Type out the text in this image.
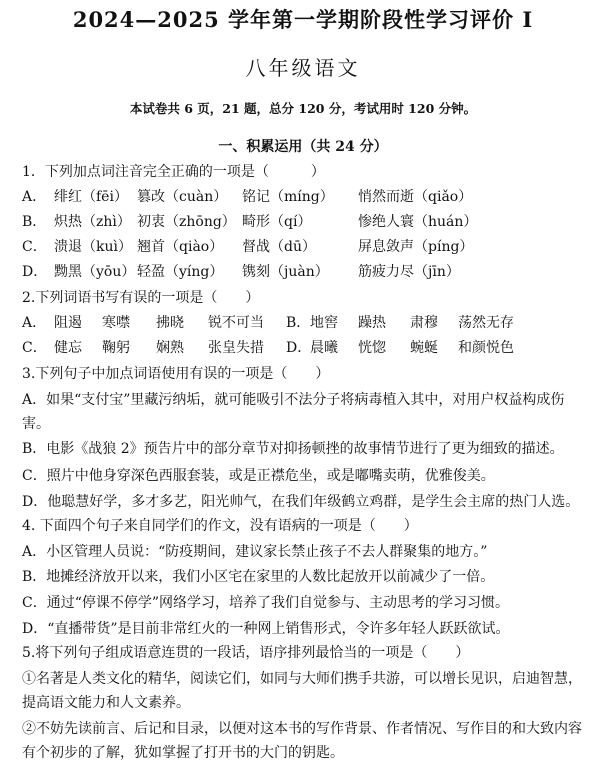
2024—2025 学年第一学期阶段性学习评价 I
八年级语文
本试卷共 6 页，21 题，总分 120 分，考试用时 120 分钟。
一、积累运用（共 24 分）
1．下列加点词注音完全正确的一项是（　　　）
A． 绯红（fēi） 篡改（cuàn） 铭记（míng） 悄然而逝（qiǎo）
B． 炽热（zhì） 初衷（zhōng） 畸形（qí）	惨绝人寰（huán）
C． 溃退（kuì） 翘首（qiào） 督战（dū）	屏息敛声（píng）
D． 黝黑（yōu） 轻盈（yíng） 镌刻（juàn） 筋疲力尽（jīn）
2.下列词语书写有误的一项是（　　）
A． 阻遏 寒噤 拂晓 锐不可当 B． 地窖 躁热 肃穆 荡然无存
C． 健忘 鞠躬 娴熟 张皇失措 D．
晨曦 恍惚 蜿蜒 和颜悦色
3.下列句子中加点词语使用有误的一项是（　　）
A．如果“支付宝”里藏污纳垢，就可能吸引不法分子将病毒植入其中，对用户权益构成伤
害。
B．电影《战狼 2》预告片中的部分章节对抑扬顿挫的故事情节进行了更为细致的描述。
C．照片中他身穿深色西服套装，或是正襟危坐，或是嘟嘴卖萌，优雅俊美。
D．他聪慧好学，多才多艺，阳光帅气，在我们年级鹤立鸡群，是学生会主席的热门人选。
4. 下面四个句子来自同学们的作文，没有语病的一项是（　　）
A．小区管理人员说：“防疫期间，建议家长禁止孩子不去人群聚集的地方。”
B．地摊经济放开以来，我们小区宅在家里的人数比起放开以前减少了一倍。
C．通过“停课不停学”网络学习，培养了我们自觉参与、主动思考的学习习惯。
D．“直播带货”是目前非常红火的一种网上销售形式，令许多年轻人跃跃欲试。
5.将下列句子组成语意连贯的一段话，语序排列最恰当的一项是（　　）
①名著是人类文化的精华，阅读它们，如同与大师们携手共游，可以增长见识，启迪智慧，
提高语文能力和人文素养。
②不妨先读前言、后记和目录，以便对这本书的写作背景、作者情况、写作目的和大致内容
有个初步的了解，犹如掌握了打开书的大门的钥匙。
